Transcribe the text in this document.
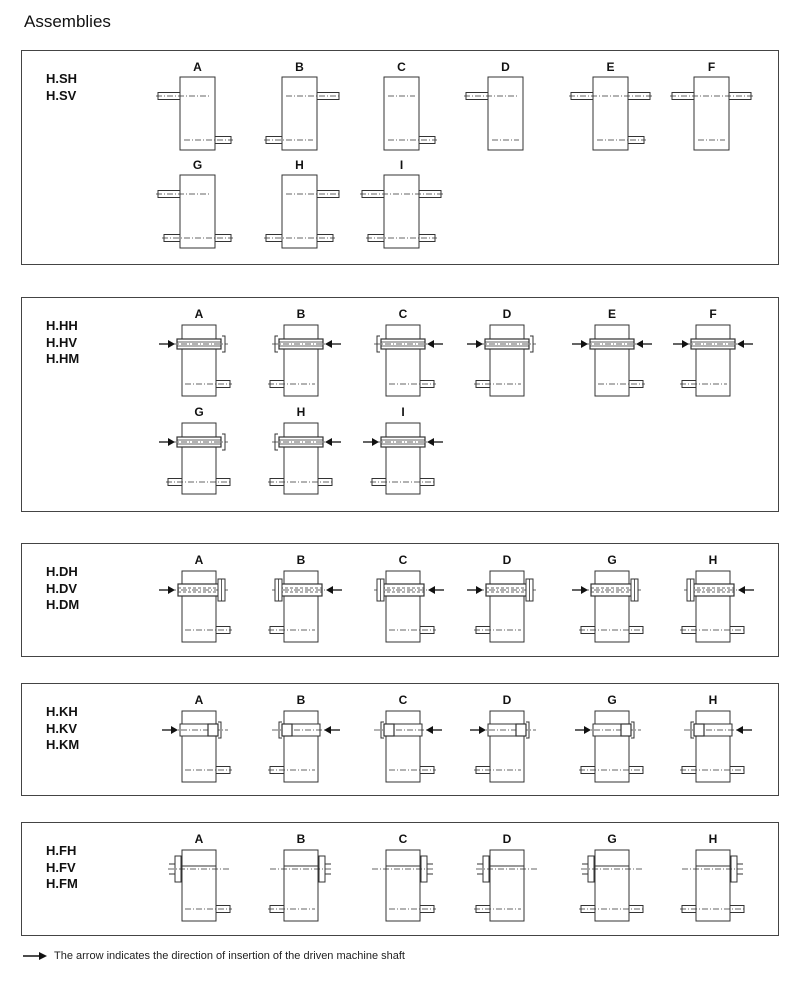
Assemblies
H.SH
H.SV
A	B	C	D	E	F
G	H	I
H.HH
H.HV
H.HM
A	B	C	D	E	F
G	H	I
H.DH
H.DV
H.DM
A	B	C	D	G	H
H.KH
H.KV
H.KM
A	B	C	D	G	H
H.FH
H.FV
H.FM
A	B	C	D	G	H
The arrow indicates the direction of insertion of the driven machine shaft
